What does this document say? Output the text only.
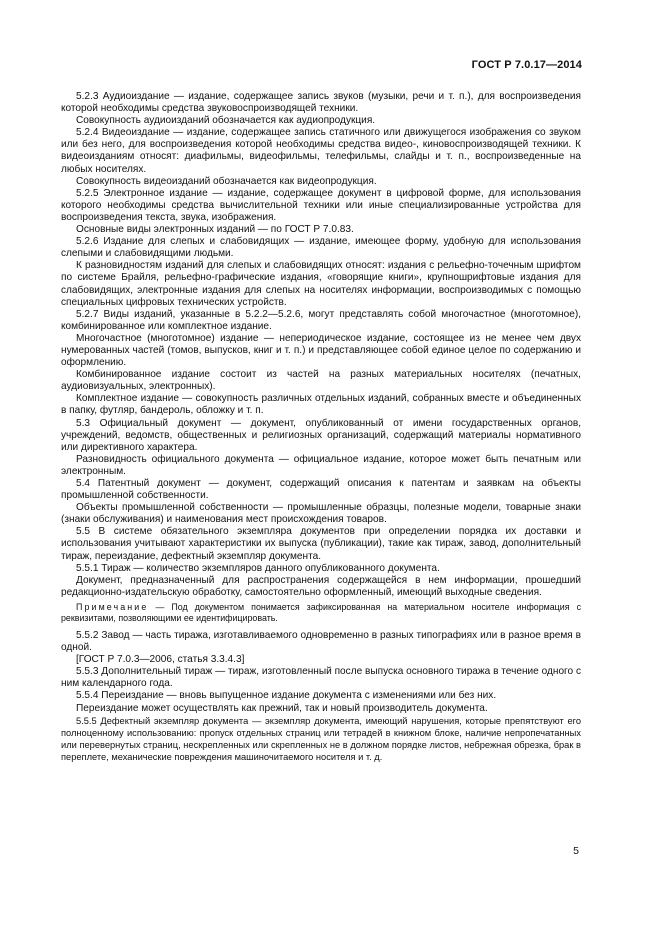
ГОСТ Р 7.0.17—2014

5.2.3 Аудиоиздание — издание, содержащее запись звуков (музыки, речи и т. п.), для воспроизведения которой необходимы средства звуковоспроизводящей техники.

Совокупность аудиоизданий обозначается как аудиопродукция.

5.2.4 Видеоиздание — издание, содержащее запись статичного или движущегося изображения со звуком или без него, для воспроизведения которой необходимы средства видео-, киновоспроизводящей техники. К видеоизданиям относят: диафильмы, видеофильмы, телефильмы, слайды и т. п., воспроизведенные на любых носителях.

Совокупность видеоизданий обозначается как видеопродукция.

5.2.5 Электронное издание — издание, содержащее документ в цифровой форме, для использования которого необходимы средства вычислительной техники или иные специализированные устройства для воспроизведения текста, звука, изображения.

Основные виды электронных изданий — по ГОСТ Р 7.0.83.

5.2.6 Издание для слепых и слабовидящих — издание, имеющее форму, удобную для использования слепыми и слабовидящими людьми.

К разновидностям изданий для слепых и слабовидящих относят: издания с рельефно-точечным шрифтом по системе Брайля, рельефно-графические издания, «говорящие книги», крупношрифтовые издания для слабовидящих, электронные издания для слепых на носителях информации, воспроизводимых с помощью специальных цифровых технических устройств.

5.2.7 Виды изданий, указанные в 5.2.2—5.2.6, могут представлять собой многочастное (многотомное), комбинированное или комплектное издание.

Многочастное (многотомное) издание — непериодическое издание, состоящее из не менее чем двух нумерованных частей (томов, выпусков, книг и т. п.) и представляющее собой единое целое по содержанию и оформлению.

Комбинированное издание состоит из частей на разных материальных носителях (печатных, аудиовизуальных, электронных).

Комплектное издание — совокупность различных отдельных изданий, собранных вместе и объединенных в папку, футляр, бандероль, обложку и т. п.

5.3 Официальный документ — документ, опубликованный от имени государственных органов, учреждений, ведомств, общественных и религиозных организаций, содержащий материалы нормативного или директивного характера.

Разновидность официального документа — официальное издание, которое может быть печатным или электронным.

5.4 Патентный документ — документ, содержащий описания к патентам и заявкам на объекты промышленной собственности.

Объекты промышленной собственности — промышленные образцы, полезные модели, товарные знаки (знаки обслуживания) и наименования мест происхождения товаров.

5.5 В системе обязательного экземпляра документов при определении порядка их доставки и использования учитывают характеристики их выпуска (публикации), такие как тираж, завод, дополнительный тираж, переиздание, дефектный экземпляр документа.

5.5.1 Тираж — количество экземпляров данного опубликованного документа.

Документ, предназначенный для распространения содержащейся в нем информации, прошедший редакционно-издательскую обработку, самостоятельно оформленный, имеющий выходные сведения.

Примечание — Под документом понимается зафиксированная на материальном носителе информация с реквизитами, позволяющими ее идентифицировать.

5.5.2 Завод — часть тиража, изготавливаемого одновременно в разных типографиях или в разное время в одной.

[ГОСТ Р 7.0.3—2006, статья 3.3.4.3]

5.5.3 Дополнительный тираж — тираж, изготовленный после выпуска основного тиража в течение одного с ним календарного года.

5.5.4 Переиздание — вновь выпущенное издание документа с изменениями или без них.

Переиздание может осуществлять как прежний, так и новый производитель документа.

5.5.5 Дефектный экземпляр документа — экземпляр документа, имеющий нарушения, которые препятствуют его полноценному использованию: пропуск отдельных страниц или тетрадей в книжном блоке, наличие непропечатанных или перевернутых страниц, нескрепленных или скрепленных не в должном порядке листов, небрежная обрезка, брак в переплете, механические повреждения машиночитаемого носителя и т. д.

5
